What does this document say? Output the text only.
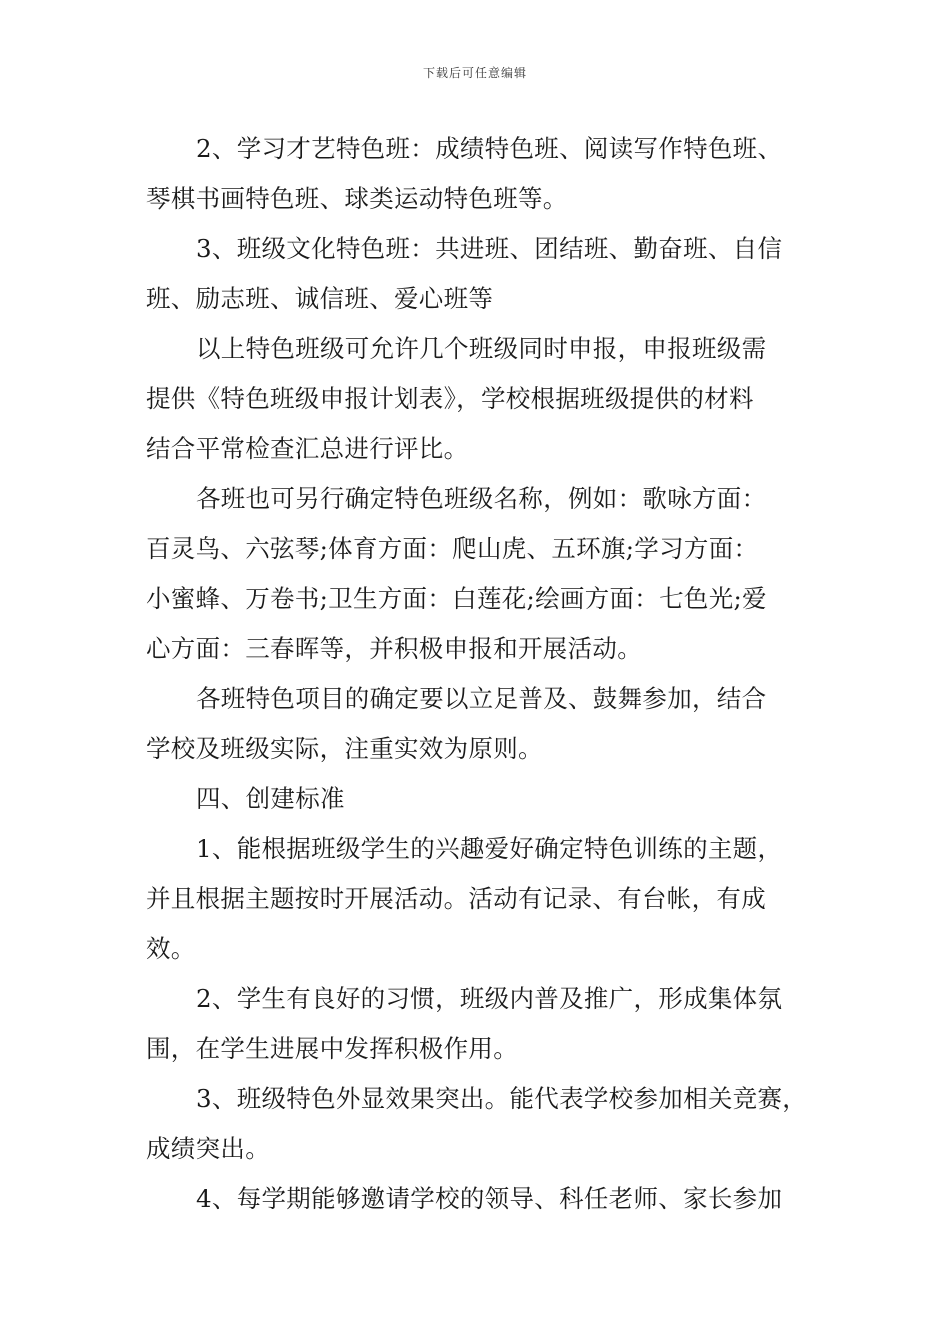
下载后可任意编辑
2、学习才艺特色班：成绩特色班、阅读写作特色班、
琴棋书画特色班、球类运动特色班等。
3、班级文化特色班：共进班、团结班、勤奋班、自信
班、励志班、诚信班、爱心班等
以上特色班级可允许几个班级同时申报，申报班级需
提供《特色班级申报计划表》，学校根据班级提供的材料
结合平常检查汇总进行评比。
各班也可另行确定特色班级名称，例如：歌咏方面：
百灵鸟、六弦琴;体育方面：爬山虎、五环旗;学习方面：
小蜜蜂、万卷书;卫生方面：白莲花;绘画方面：七色光;爱
心方面：三春晖等，并积极申报和开展活动。
各班特色项目的确定要以立足普及、鼓舞参加，结合
学校及班级实际，注重实效为原则。
四、创建标准
1、能根据班级学生的兴趣爱好确定特色训练的主题，
并且根据主题按时开展活动。活动有记录、有台帐，有成
效。
2、学生有良好的习惯，班级内普及推广，形成集体氛
围，在学生进展中发挥积极作用。
3、班级特色外显效果突出。能代表学校参加相关竞赛，
成绩突出。
4、每学期能够邀请学校的领导、科任老师、家长参加
